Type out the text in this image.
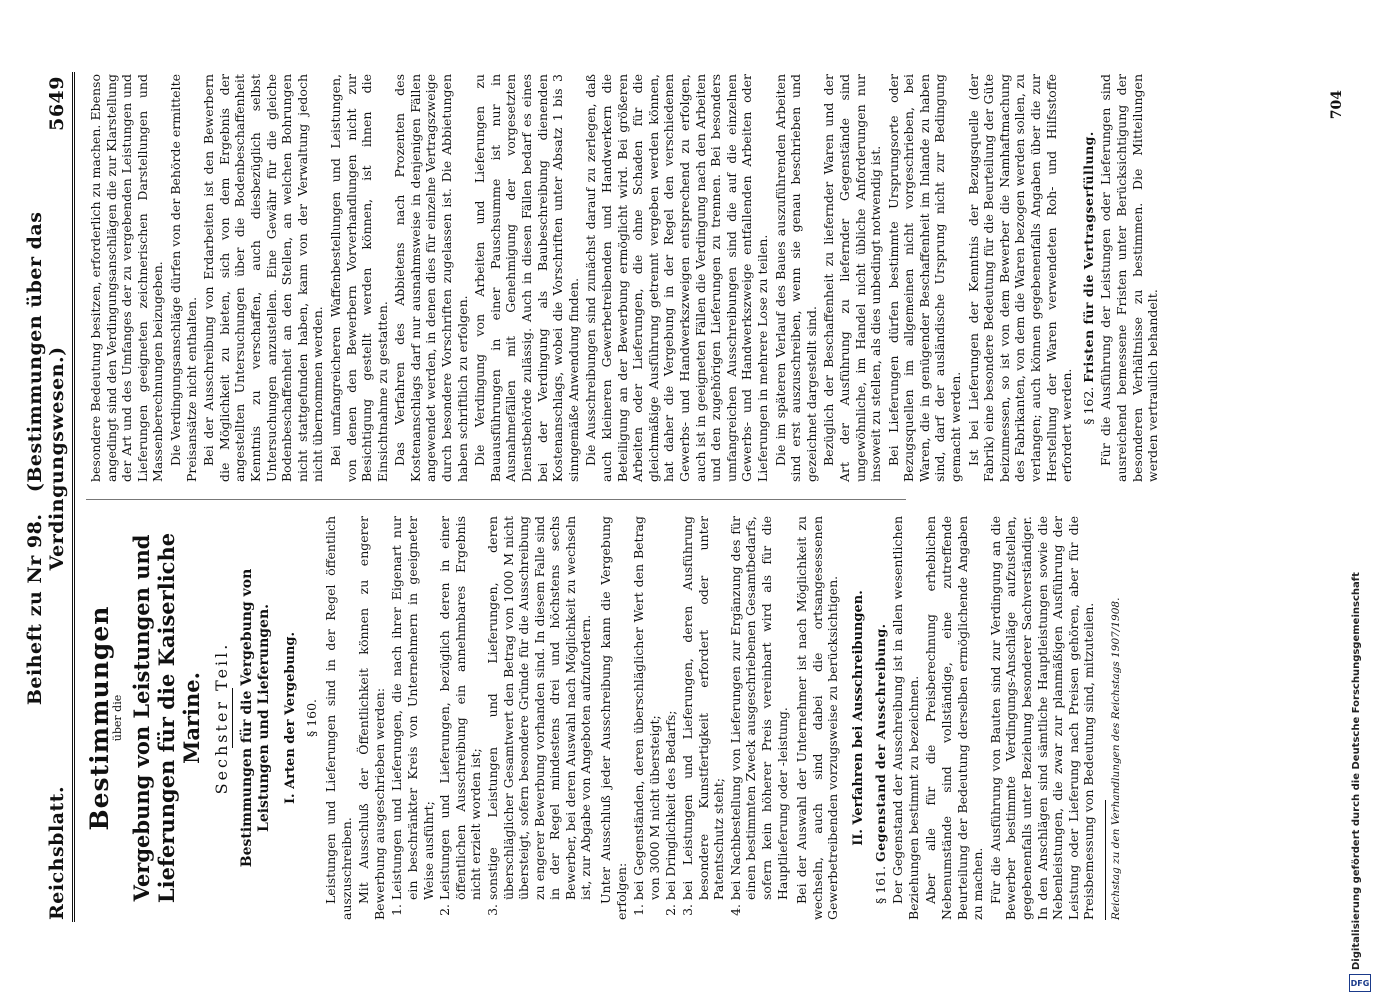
Reichsblatt.
Beiheft zu Nr 98.   (Bestimmungen über das Verdingungswesen.)
5649
Bestimmungen
über die Vergebung von Leistungen und Lieferungen für die Kaiserliche Marine. Sechster Teil. Bestimmungen für die Vergebung von Leistungen und Lieferungen. I. Arten der Vergebung. § 160. Leistungen und Lieferungen sind in der Regel öffentlich auszuschreiben. Mit Ausschluß der Öffentlichkeit können zu engerer Bewerbung ausgeschrieben werden: 1. Leistungen und Lieferungen, die nach ihrer Eigenart nur ein beschränkter Kreis von Unternehmern in geeigneter Weise ausführt; 2. Leistungen und Lieferungen, bezüglich deren in einer öffentlichen Ausschreibung ein annehmbares Ergebnis nicht erzielt worden ist; 3. sonstige Leistungen und Lieferungen, deren überschläglicher Gesamtwert den Betrag von 1000 M nicht übersteigt, sofern besondere Gründe für die Ausschreibung zu engerer Bewerbung vorhanden sind. In diesem Falle sind in der Regel mindestens drei und höchstens sechs Bewerber, bei deren Auswahl nach Möglichkeit zu wechseln ist, zur Abgabe von Angeboten aufzufordern. Unter Ausschluß jeder Ausschreibung kann die Vergebung erfolgen: 1. bei Gegenständen, deren überschläglicher Wert den Betrag von 3000 M nicht übersteigt; 2. bei Dringlichkeit des Bedarfs; 3. bei Leistungen und Lieferungen, deren Ausführung besondere Kunstfertigkeit erfordert oder unter Patentschutz steht; 4. bei Nachbestellung von Lieferungen zur Ergänzung des für einen bestimmten Zweck ausgeschriebenen Gesamtbedarfs, sofern kein höherer Preis vereinbart wird als für die Hauptlieferung oder -leistung. Bei der Auswahl der Unternehmer ist nach Möglichkeit zu wechseln, auch sind dabei die ortsangesessenen Gewerbetreibenden vorzugsweise zu berücksichtigen. II. Verfahren bei Ausschreibungen.

§ 161. Gegenstand der Ausschreibung. Der Gegenstand der Ausschreibung ist in allen wesentlichen Beziehungen bestimmt zu bezeichnen. Aber alle für die Preisberechnung erheblichen Nebenumstände sind vollständige, eine zutreffende Beurteilung der Bedeutung derselben ermöglichende Angaben zu machen. Für die Ausführung von Bauten sind zur Verdingung an die Bewerber bestimmte Verdingungs-Anschläge aufzustellen, gegebenenfalls unter Beziehung besonderer Sachverständiger. In den Anschlägen sind sämtliche Hauptleistungen sowie die Nebenleistungen, die zwar zur planmäßigen Ausführung der Leistung oder Lieferung nach Preisen gehören, aber für die Preisbemessung von Bedeutung sind, mitzuteilen. Reichstag zu den Verhandlungen des Reichstags 1907/1908.

besondere Bedeutung besitzen, erforderlich zu machen. Ebenso angedingt sind den Verdingungsanschlägen die zur Klarstellung der Art und des Umfanges der zu vergebenden Leistungen und Lieferungen geeigneten zeichnerischen Darstellungen und Massenberechnungen beizugeben. Die Verdingungsanschläge dürfen von der Behörde ermittelte Preisansätze nicht enthalten. Bei der Ausschreibung von Erdarbeiten ist den Bewerbern die Möglichkeit zu bieten, sich von dem Ergebnis der angestellten Untersuchungen über die Bodenbeschaffenheit Kenntnis zu verschaffen, auch diesbezüglich selbst Untersuchungen anzustellen. Eine Gewähr für die gleiche Bodenbeschaffenheit an den Stellen, an welchen Bohrungen nicht stattgefunden haben, kann von der Verwaltung jedoch nicht übernommen werden. Bei umfangreicheren Waffenbestellungen und Leistungen, von denen den Bewerbern Vorverhandlungen nicht zur Besichtigung gestellt werden können, ist ihnen die Einsichtnahme zu gestatten. Das Verfahren des Abbietens nach Prozenten des Kostenanschlags darf nur ausnahmsweise in denjenigen Fällen angewendet werden, in denen dies für einzelne Vertragszweige durch besondere Vorschriften zugelassen ist. Die Abbietungen haben schriftlich zu erfolgen. Die Verdingung von Arbeiten und Lieferungen zu Bauausführungen in einer Pauschsumme ist nur in Ausnahmefällen mit Genehmigung der vorgesetzten Dienstbehörde zulässig. Auch in diesen Fällen bedarf es eines bei der Verdingung als Baubeschreibung dienenden Kostenanschlags, wobei die Vorschriften unter Absatz 1 bis 3 sinngemäße Anwendung finden. Die Ausschreibungen sind zunächst darauf zu zerlegen, daß auch kleineren Gewerbetreibenden und Handwerkern die Beteiligung an der Bewerbung ermöglicht wird. Bei größeren Arbeiten oder Lieferungen, die ohne Schaden für die gleichmäßige Ausführung getrennt vergeben werden können, hat daher die Vergebung in der Regel den verschiedenen Gewerbs- und Handwerkszweigen entsprechend zu erfolgen, auch ist in geeigneten Fällen die Verdingung nach den Arbeiten und den zugehörigen Lieferungen zu trennen. Bei besonders umfangreichen Ausschreibungen sind die auf die einzelnen Gewerbs- und Handwerkszweige entfallenden Arbeiten oder Lieferungen in mehrere Lose zu teilen. Die im späteren Verlauf des Baues auszuführenden Arbeiten sind erst auszuschreiben, wenn sie genau beschrieben und gezeichnet dargestellt sind. Bezüglich der Beschaffenheit zu liefernder Waren und der Art der Ausführung zu liefernder Gegenstände sind ungewöhnliche, im Handel nicht übliche Anforderungen nur insoweit zu stellen, als dies unbedingt notwendig ist. Bei Lieferungen dürfen bestimmte Ursprungsorte oder Bezugsquellen im allgemeinen nicht vorgeschrieben, bei Waren, die in genügender Beschaffenheit im Inlande zu haben sind, darf der ausländische Ursprung nicht zur Bedingung gemacht werden. Ist bei Lieferungen der Kenntnis der Bezugsquelle (der Fabrik) eine besondere Bedeutung für die Beurteilung der Güte beizumessen, so ist von dem Bewerber die Namhaftmachung des Fabrikanten, von dem die Waren bezogen werden sollen, zu verlangen; auch können gegebenenfalls Angaben über die zur Herstellung der Waren verwendeten Roh- und Hilfsstoffe erfordert werden. § 162. Fristen für die Vertragserfüllung. Für die Ausführung der Leistungen oder Lieferungen sind ausreichend bemessene Fristen unter Berücksichtigung der besonderen Verhältnisse zu bestimmen. Die Mitteilungen werden vertraulich behandelt.

704
Digitalisierung gefördert durch die Deutsche Forschungsgemeinschaft
DFG
